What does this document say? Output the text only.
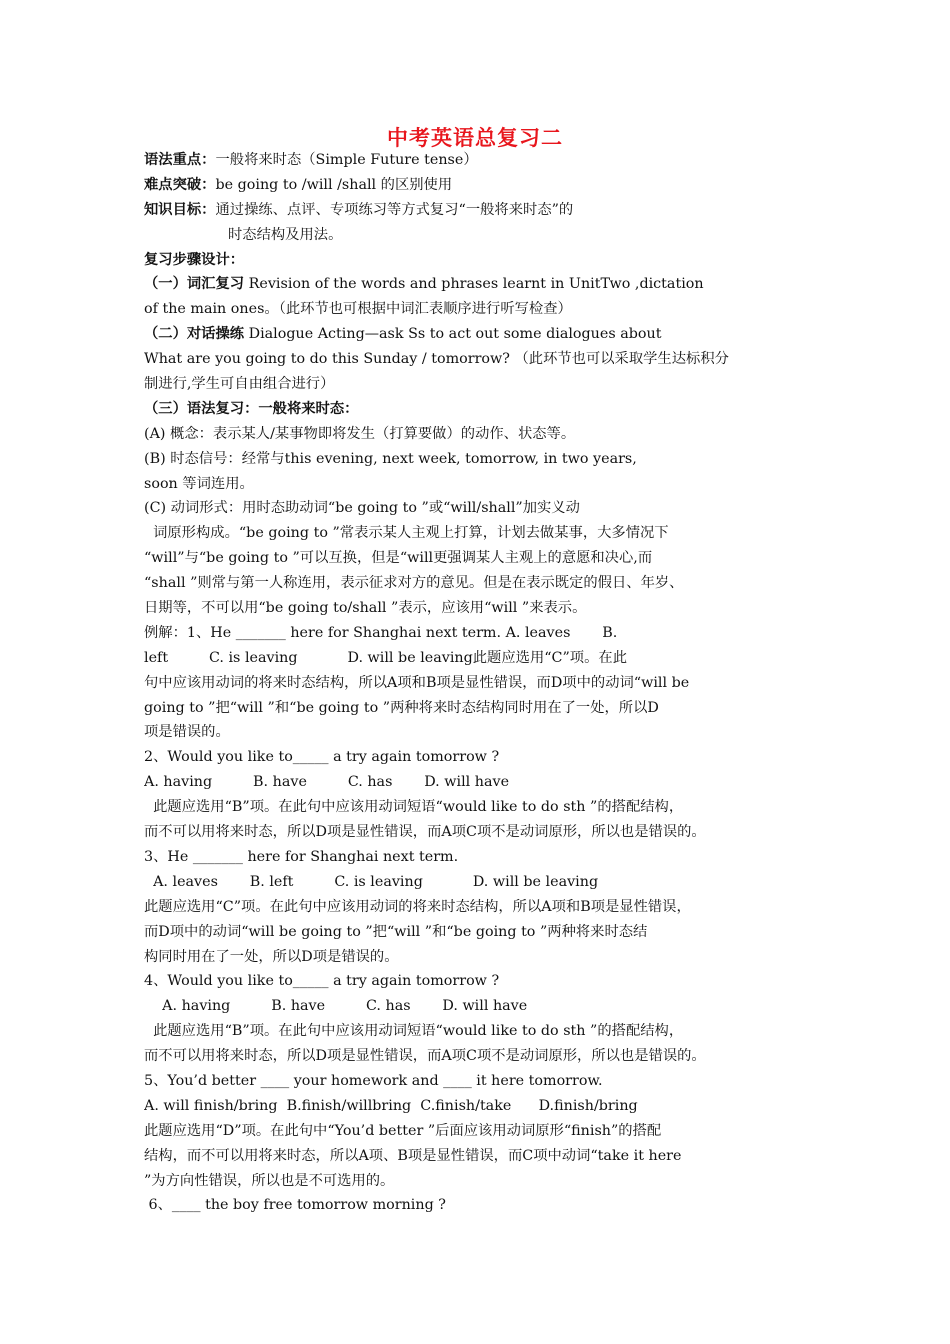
中考英语总复习二
语法重点：一般将来时态（Simple Future tense）
难点突破：be going to /will /shall 的区别使用
知识目标：通过操练、点评、专项练习等方式复习“一般将来时态”的
时态结构及用法。
复习步骤设计：
（一）词汇复习 Revision of the words and phrases learnt in UnitTwo ,dictation
of the main ones。（此环节也可根据中词汇表顺序进行听写检查）
（二）对话操练 Dialogue Acting—ask Ss to act out some dialogues about
What are you going to do this Sunday / tomorrow? （此环节也可以采取学生达标积分
制进行,学生可自由组合进行）
（三）语法复习：一般将来时态：
(A) 概念：表示某人/某事物即将发生（打算要做）的动作、状态等。
(B) 时态信号：经常与this evening, next week, tomorrow, in two years,
soon 等词连用。
(C) 动词形式：用时态助动词“be going to ”或“will/shall”加实义动
词原形构成。“be going to ”常表示某人主观上打算，计划去做某事，大多情况下
“will”与“be going to ”可以互换，但是“will更强调某人主观上的意愿和决心,而
“shall ”则常与第一人称连用，表示征求对方的意见。但是在表示既定的假日、年岁、
日期等，不可以用“be going to/shall ”表示，应该用“will ”来表示。
例解：1、He _______ here for Shanghai next term. A. leaves       B.
left         C. is leaving           D. will be leaving此题应选用“C”项。在此
句中应该用动词的将来时态结构，所以A项和B项是显性错误，而D项中的动词“will be
going to ”把“will ”和“be going to ”两种将来时态结构同时用在了一处，所以D
项是错误的。
2、Would you like to_____ a try again tomorrow ?
A. having         B. have         C. has       D. will have
此题应选用“B”项。在此句中应该用动词短语“would like to do sth ”的搭配结构，
而不可以用将来时态，所以D项是显性错误，而A项C项不是动词原形，所以也是错误的。
3、He _______ here for Shanghai next term.
A. leaves       B. left         C. is leaving           D. will be leaving
此题应选用“C”项。在此句中应该用动词的将来时态结构，所以A项和B项是显性错误，
而D项中的动词“will be going to ”把“will ”和“be going to ”两种将来时态结
构同时用在了一处，所以D项是错误的。
4、Would you like to_____ a try again tomorrow ?
A. having         B. have         C. has       D. will have
此题应选用“B”项。在此句中应该用动词短语“would like to do sth ”的搭配结构，
而不可以用将来时态，所以D项是显性错误，而A项C项不是动词原形，所以也是错误的。
5、You’d better ____ your homework and ____ it here tomorrow.
A. will finish/bring  B.finish/willbring  C.finish/take      D.finish/bring
此题应选用“D”项。在此句中“You’d better ”后面应该用动词原形“finish”的搭配
结构，而不可以用将来时态，所以A项、B项是显性错误，而C项中动词“take it here
”为方向性错误，所以也是不可选用的。
6、____ the boy free tomorrow morning ?
